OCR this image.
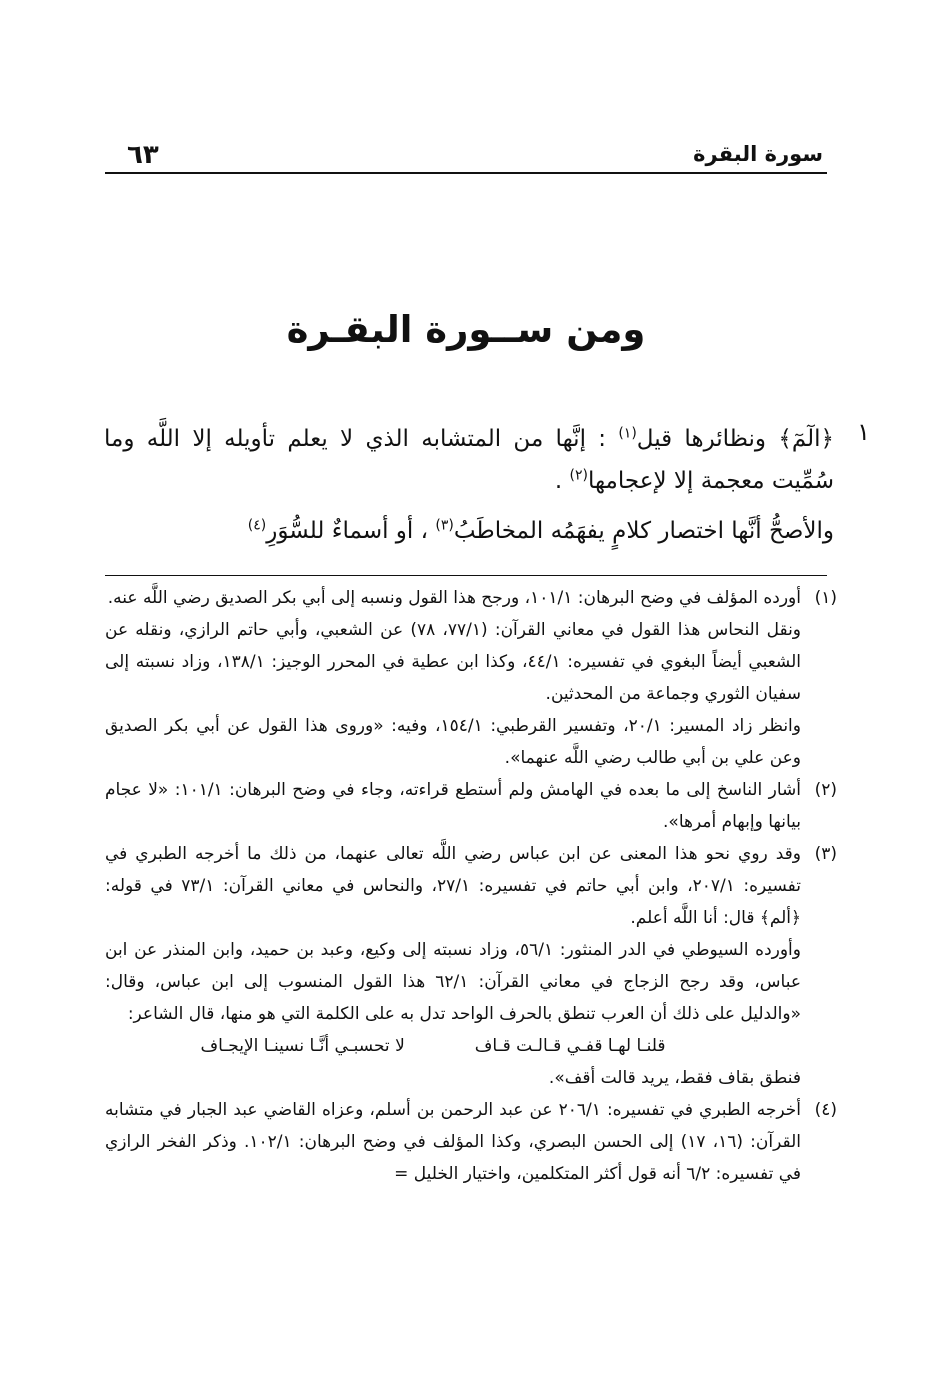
سورة البقرة
٦٣
ومن ســورة البقـرة
١

﴿الٓمٓ﴾ ونظائرها قيل$^{(١)}$ : إنَّها من المتشابه الذي لا يعلم تأويله إلا اللَّه وما سُمِّيت معجمة إلا لإعجامها$^{(٢)}$ .

والأصحُّ أنَّها اختصار كلامٍ يفهَمُه المخاطَبُ$^{(٣)}$ ، أو أسماءٌ للسُّوَرِ$^{(٤)}$

(١)

أورده المؤلف في وضح البرهان: ١٠١/١، ورجح هذا القول ونسبه إلى أبي بكر الصديق رضي اللَّه عنه.

ونقل النحاس هذا القول في معاني القرآن: (٧٧/١، ٧٨) عن الشعبي، وأبي حاتم الرازي، ونقله عن الشعبي أيضاً البغوي في تفسيره: ٤٤/١، وكذا ابن عطية في المحرر الوجيز: ١٣٨/١، وزاد نسبته إلى سفيان الثوري وجماعة من المحدثين.

وانظر زاد المسير: ٢٠/١، وتفسير القرطبي: ١٥٤/١، وفيه: «وروى هذا القول عن أبي بكر الصديق وعن علي بن أبي طالب رضي اللَّه عنهما».

(٢)

أشار الناسخ إلى ما بعده في الهامش ولم أستطع قراءته، وجاء في وضح البرهان: ١٠١/١: «لا عجام بيانها وإبهام أمرها».

(٣)

وقد روي نحو هذا المعنى عن ابن عباس رضي اللَّه تعالى عنهما، من ذلك ما أخرجه الطبري في تفسيره: ٢٠٧/١، وابن أبي حاتم في تفسيره: ٢٧/١، والنحاس في معاني القرآن: ٧٣/١ في قوله: ﴿ألم﴾ قال: أنا اللَّه أعلم.

وأورده السيوطي في الدر المنثور: ٥٦/١، وزاد نسبته إلى وكيع، وعبد بن حميد، وابن المنذر عن ابن عباس، وقد رجح الزجاج في معاني القرآن: ٦٢/١ هذا القول المنسوب إلى ابن عباس، وقال: «والدليل على ذلك أن العرب تنطق بالحرف الواحد تدل به على الكلمة التي هو منها، قال الشاعر:

قلنـا لهـا قفـي قـالـت قـاف
لا تحسبـي أنَّـا نسينـا الإيجـاف

فنطق بقاف فقط، يريد قالت أقف».

(٤)

أخرجه الطبري في تفسيره: ٢٠٦/١ عن عبد الرحمن بن أسلم، وعزاه القاضي عبد الجبار في متشابه القرآن: (١٦، ١٧) إلى الحسن البصري، وكذا المؤلف في وضح البرهان: ١٠٢/١. وذكر الفخر الرازي في تفسيره: ٦/٢ أنه قول أكثر المتكلمين، واختيار الخليل =
